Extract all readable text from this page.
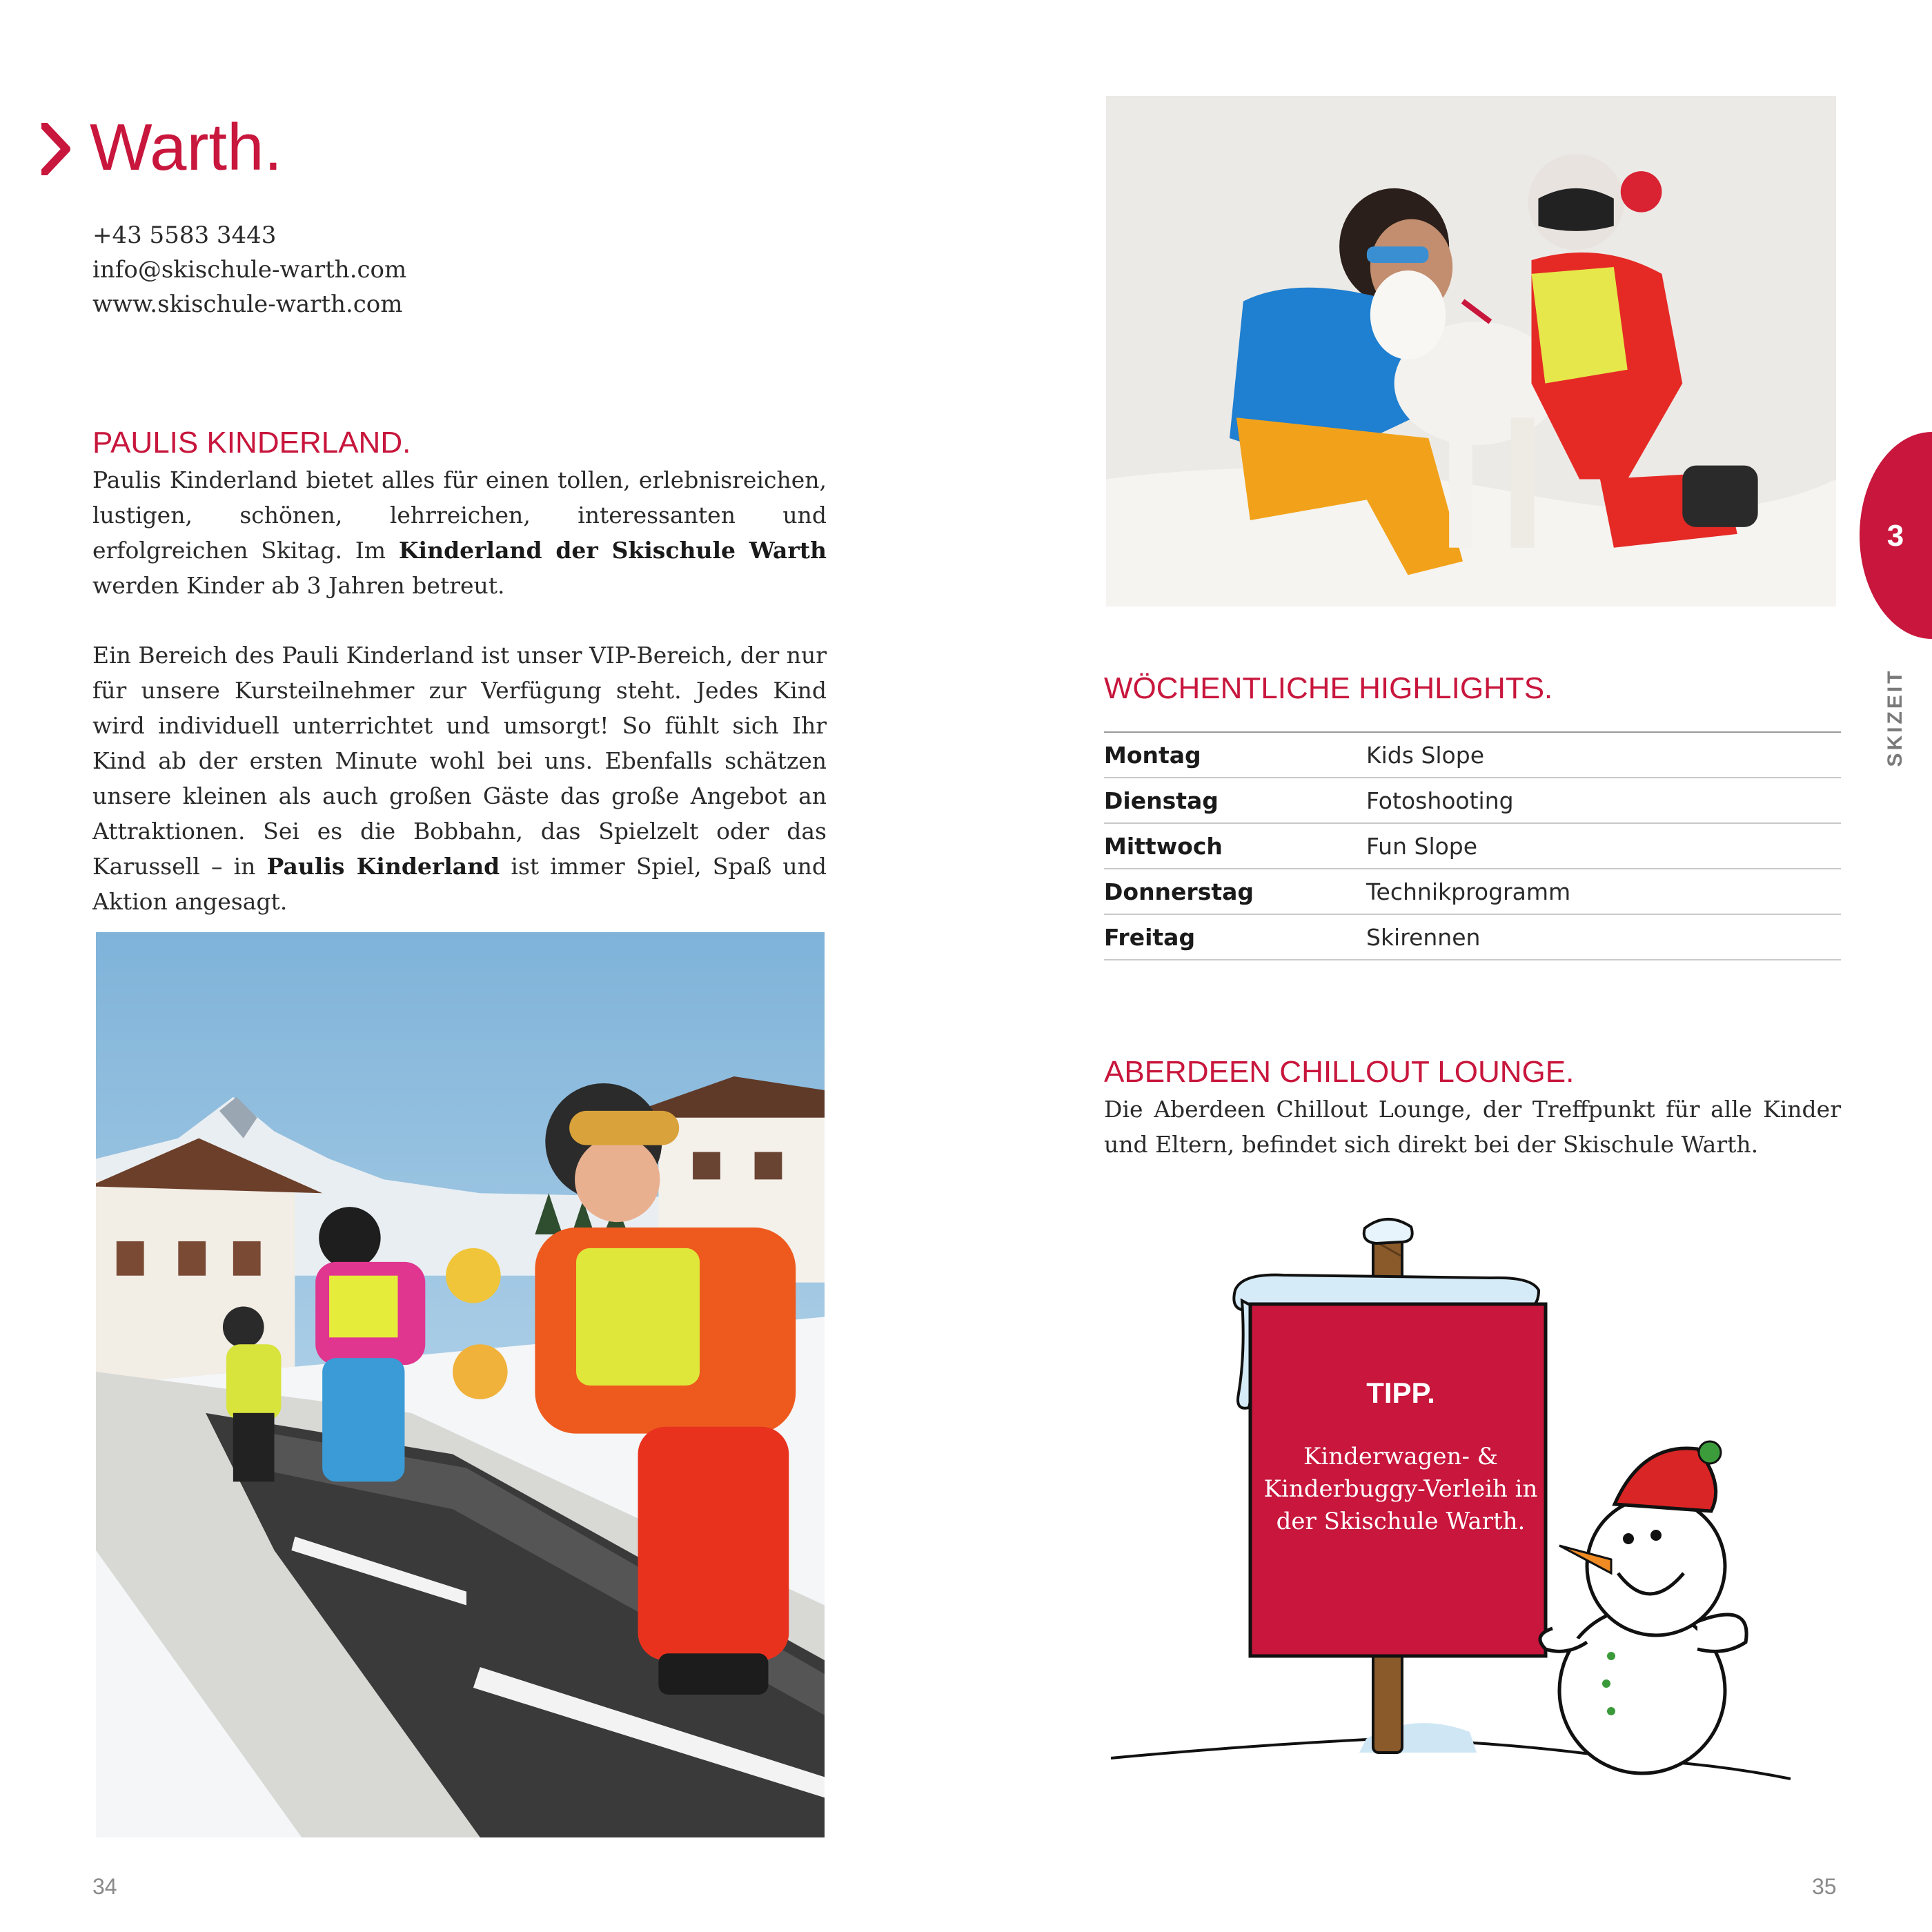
Warth.
+43 5583 3443
info@skischule-warth.com
www.skischule-warth.com
PAULIS KINDERLAND.
Paulis Kinderland bietet alles für einen tollen, erlebnisreichen, lustigen, schönen, lehrreichen, interessanten und erfolgreichen Skitag. Im Kinderland der Skischule Warth werden Kinder ab 3 Jahren betreut.
Ein Bereich des Pauli Kinderland ist unser VIP-Bereich, der nur für unsere Kursteilnehmer zur Verfügung steht. Jedes Kind wird individuell unterrichtet und umsorgt! So fühlt sich Ihr Kind ab der ersten Minute wohl bei uns. Ebenfalls schätzen unsere kleinen als auch großen Gäste das große Angebot an Attraktionen. Sei es die Bobbahn, das Spielzelt oder das Karussell – in Paulis Kinderland ist immer Spiel, Spaß und Aktion angesagt.
34
WÖCHENTLICHE HIGHLIGHTS.
Montag	Kids Slope
Dienstag	Fotoshooting
Mittwoch	Fun Slope
Donnerstag	Technikprogramm
Freitag	Skirennen
ABERDEEN CHILLOUT LOUNGE.
Die Aberdeen Chillout Lounge, der Treffpunkt für alle Kinder und Eltern, befindet sich direkt bei der Skischule Warth.
TIPP.
Kinderwagen- & Kinderbuggy-Verleih in der Skischule Warth.
35
3
SKIZEIT
